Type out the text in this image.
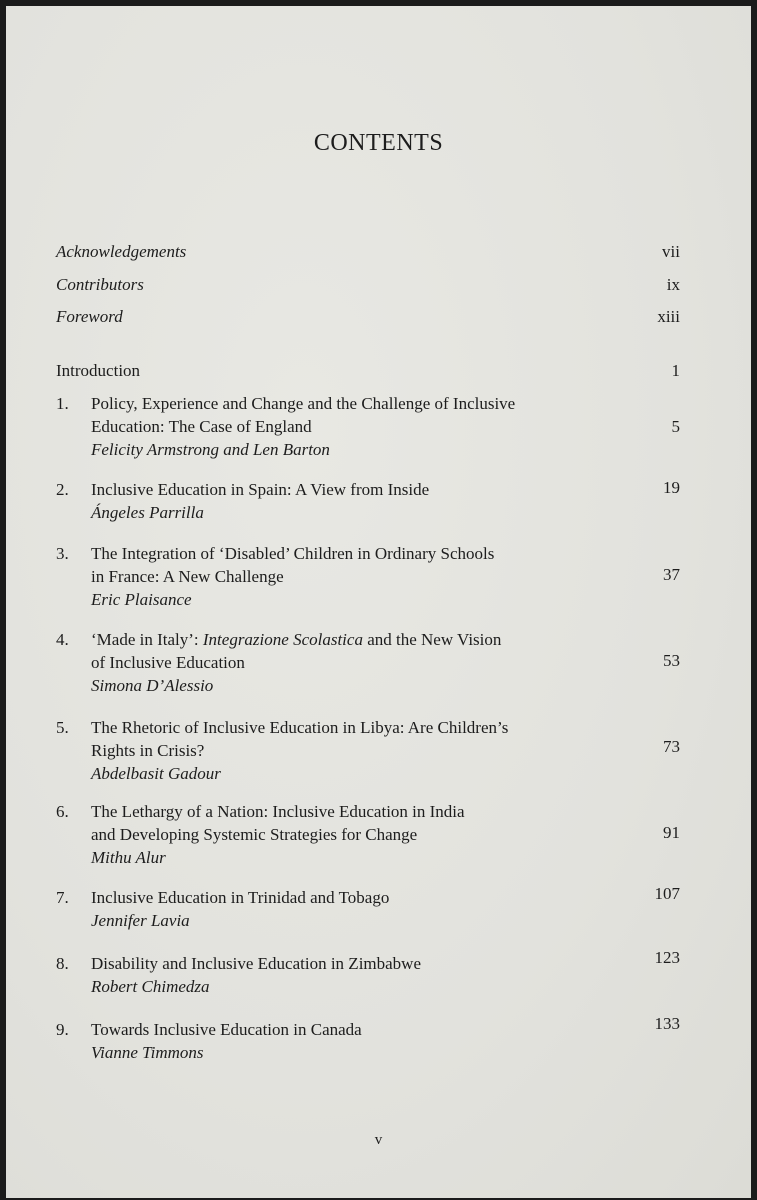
CONTENTS
Acknowledgements	vii
Contributors	ix
Foreword	xiii
Introduction	1
1.	Policy, Experience and Change and the Challenge of Inclusive
Education: The Case of England
Felicity Armstrong and Len Barton
5
2.	Inclusive Education in Spain: A View from Inside
Ángeles Parrilla
19
3.	The Integration of ‘Disabled’ Children in Ordinary Schools
in France: A New Challenge
Eric Plaisance
37
4.	‘Made in Italy’: Integrazione Scolastica and the New Vision
of Inclusive Education
Simona D’Alessio
53
5.	The Rhetoric of Inclusive Education in Libya: Are Children’s
Rights in Crisis?
Abdelbasit Gadour
73
6.	The Lethargy of a Nation: Inclusive Education in India
and Developing Systemic Strategies for Change
Mithu Alur
91
7.	Inclusive Education in Trinidad and Tobago
Jennifer Lavia
107
8.	Disability and Inclusive Education in Zimbabwe
Robert Chimedza
123
9.	Towards Inclusive Education in Canada
Vianne Timmons
133
v
